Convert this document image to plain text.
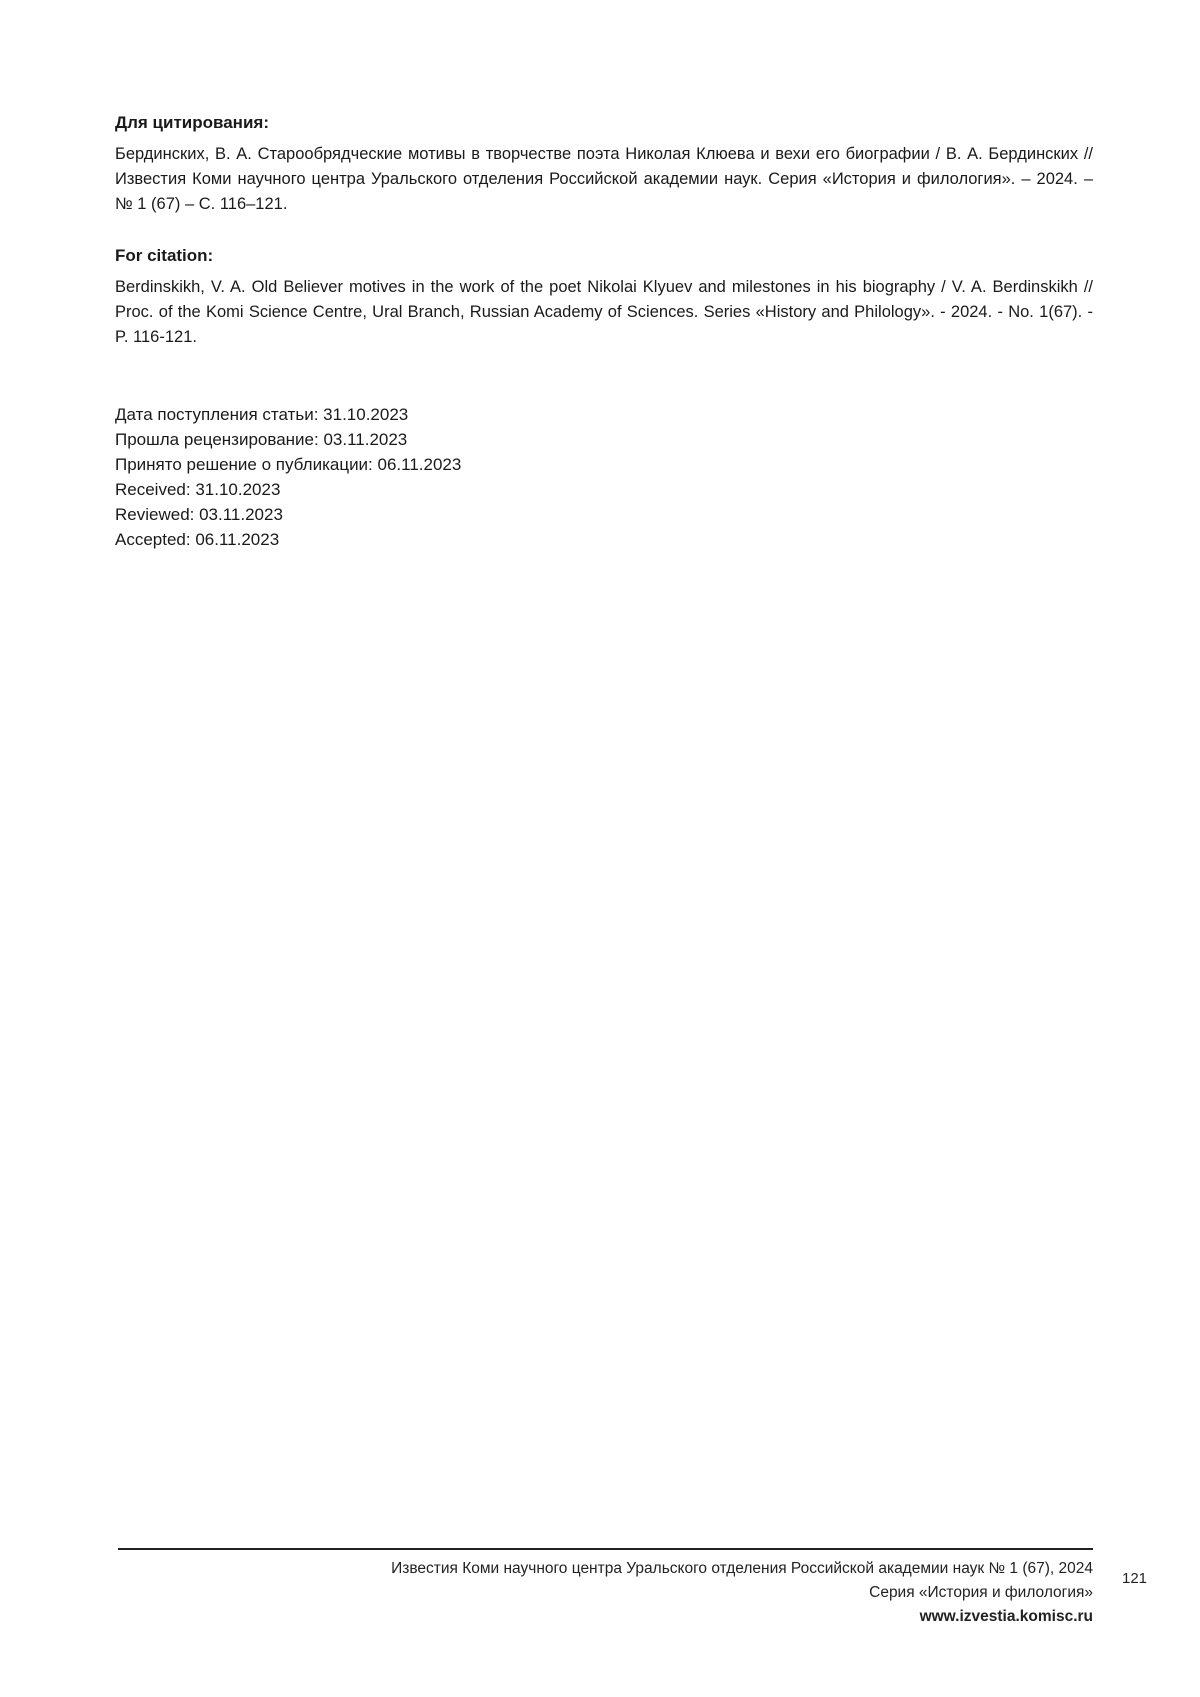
Для цитирования:

Бердинских, В. А. Старообрядческие мотивы в творчестве поэта Николая Клюева и вехи его биографии / В. А. Бердинских // Известия Коми научного центра Уральского отделения Российской академии наук. Серия «История и филология». – 2024. – № 1 (67) – С. 116–121.

For citation:

Berdinskikh, V. A. Old Believer motives in the work of the poet Nikolai Klyuev and milestones in his biography / V. A. Berdinskikh // Proc. of the Komi Science Centre, Ural Branch, Russian Academy of Sciences. Series «History and Philology». - 2024. - No. 1(67). - P. 116-121.

Дата поступления статьи: 31.10.2023
Прошла рецензирование: 03.11.2023
Принято решение о публикации: 06.11.2023
Received: 31.10.2023
Reviewed: 03.11.2023
Accepted: 06.11.2023
Известия Коми научного центра Уральского отделения Российской академии наук № 1 (67), 2024
Серия «История и филология»
www.izvestia.komisc.ru
121
